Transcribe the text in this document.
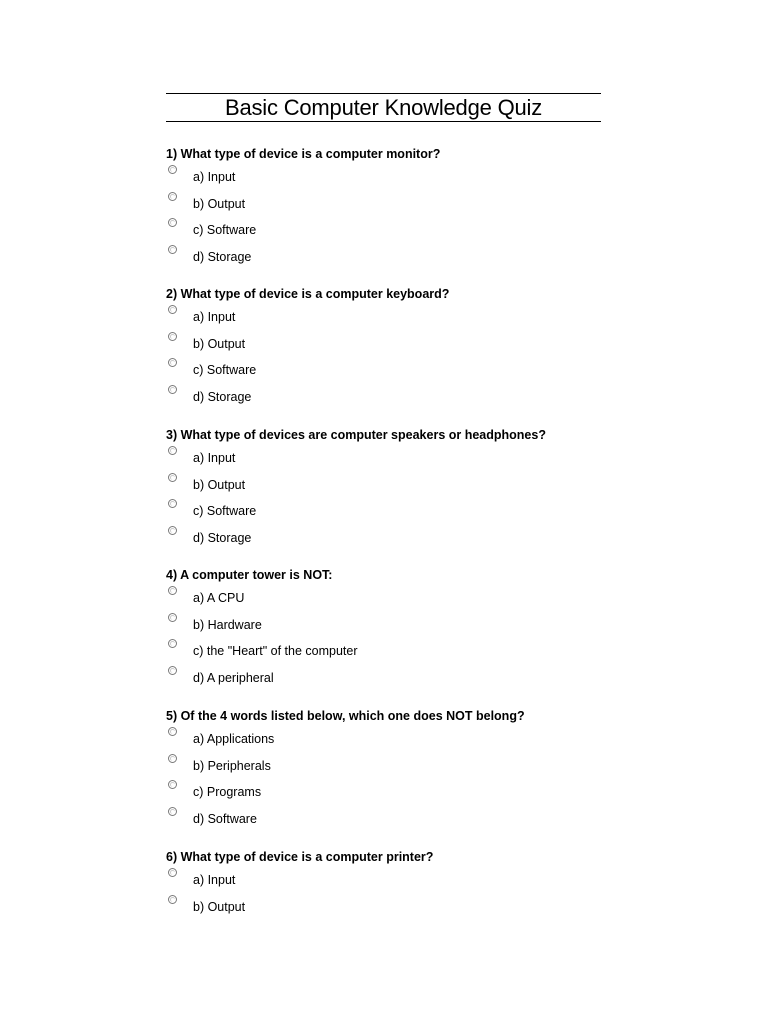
Basic Computer Knowledge Quiz
1) What type of device is a computer monitor?
a) Input
b) Output
c) Software
d) Storage
2) What type of device is a computer keyboard?
a) Input
b) Output
c) Software
d) Storage
3) What type of devices are computer speakers or headphones?
a) Input
b) Output
c) Software
d) Storage
4) A computer tower is NOT:
a) A CPU
b) Hardware
c) the "Heart" of the computer
d) A peripheral
5) Of the 4 words listed below, which one does NOT belong?
a) Applications
b) Peripherals
c) Programs
d) Software
6) What type of device is a computer printer?
a) Input
b) Output
